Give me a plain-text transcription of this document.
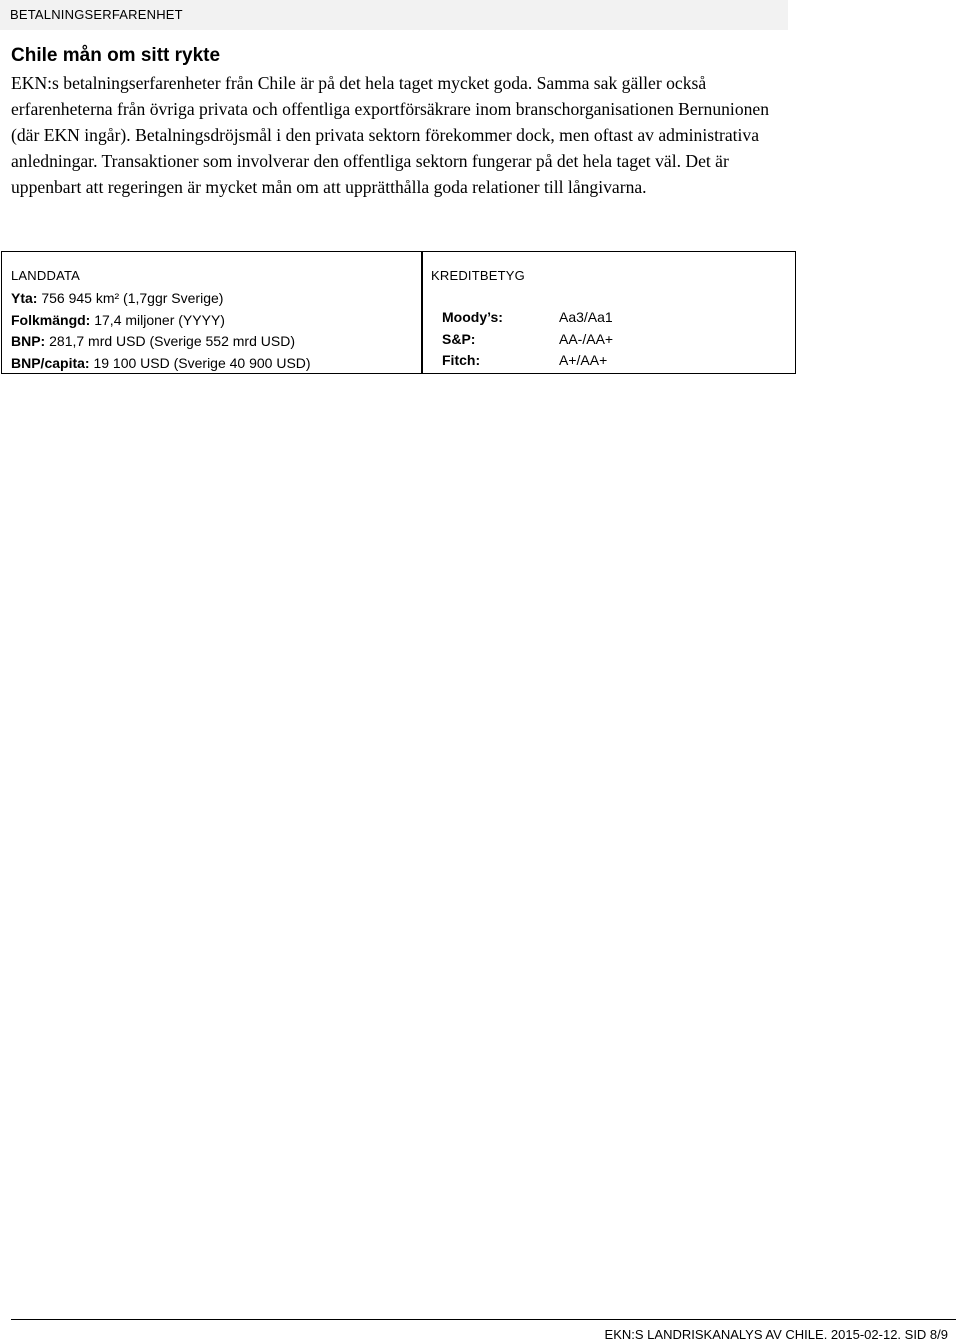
BETALNINGSERFARENHET
Chile mån om sitt rykte

EKN:s betalningserfarenheter från Chile är på det hela taget mycket goda. Samma sak gäller också erfarenheterna från övriga privata och offentliga exportförsäkrare inom branschorganisationen Bernunionen (där EKN ingår). Betalningsdröjsmål i den privata sektorn förekommer dock, men oftast av administrativa anledningar. Transaktioner som involverar den offentliga sektorn fungerar på det hela taget väl. Det är uppenbart att regeringen är mycket mån om att upprätthålla goda relationer till långivarna.

LANDDATA
Yta: 756 945 km² (1,7ggr Sverige)
Folkmängd: 17,4 miljoner (YYYY)
BNP: 281,7 mrd USD (Sverige 552 mrd USD)
BNP/capita: 19 100 USD (Sverige 40 900 USD)
KREDITBETYG
Moody’s:	Aa3/Aa1
S&P:	AA-/AA+
Fitch:	A+/AA+
EKN:S LANDRISKANALYS AV CHILE. 2015-02-12. SID 8/9
